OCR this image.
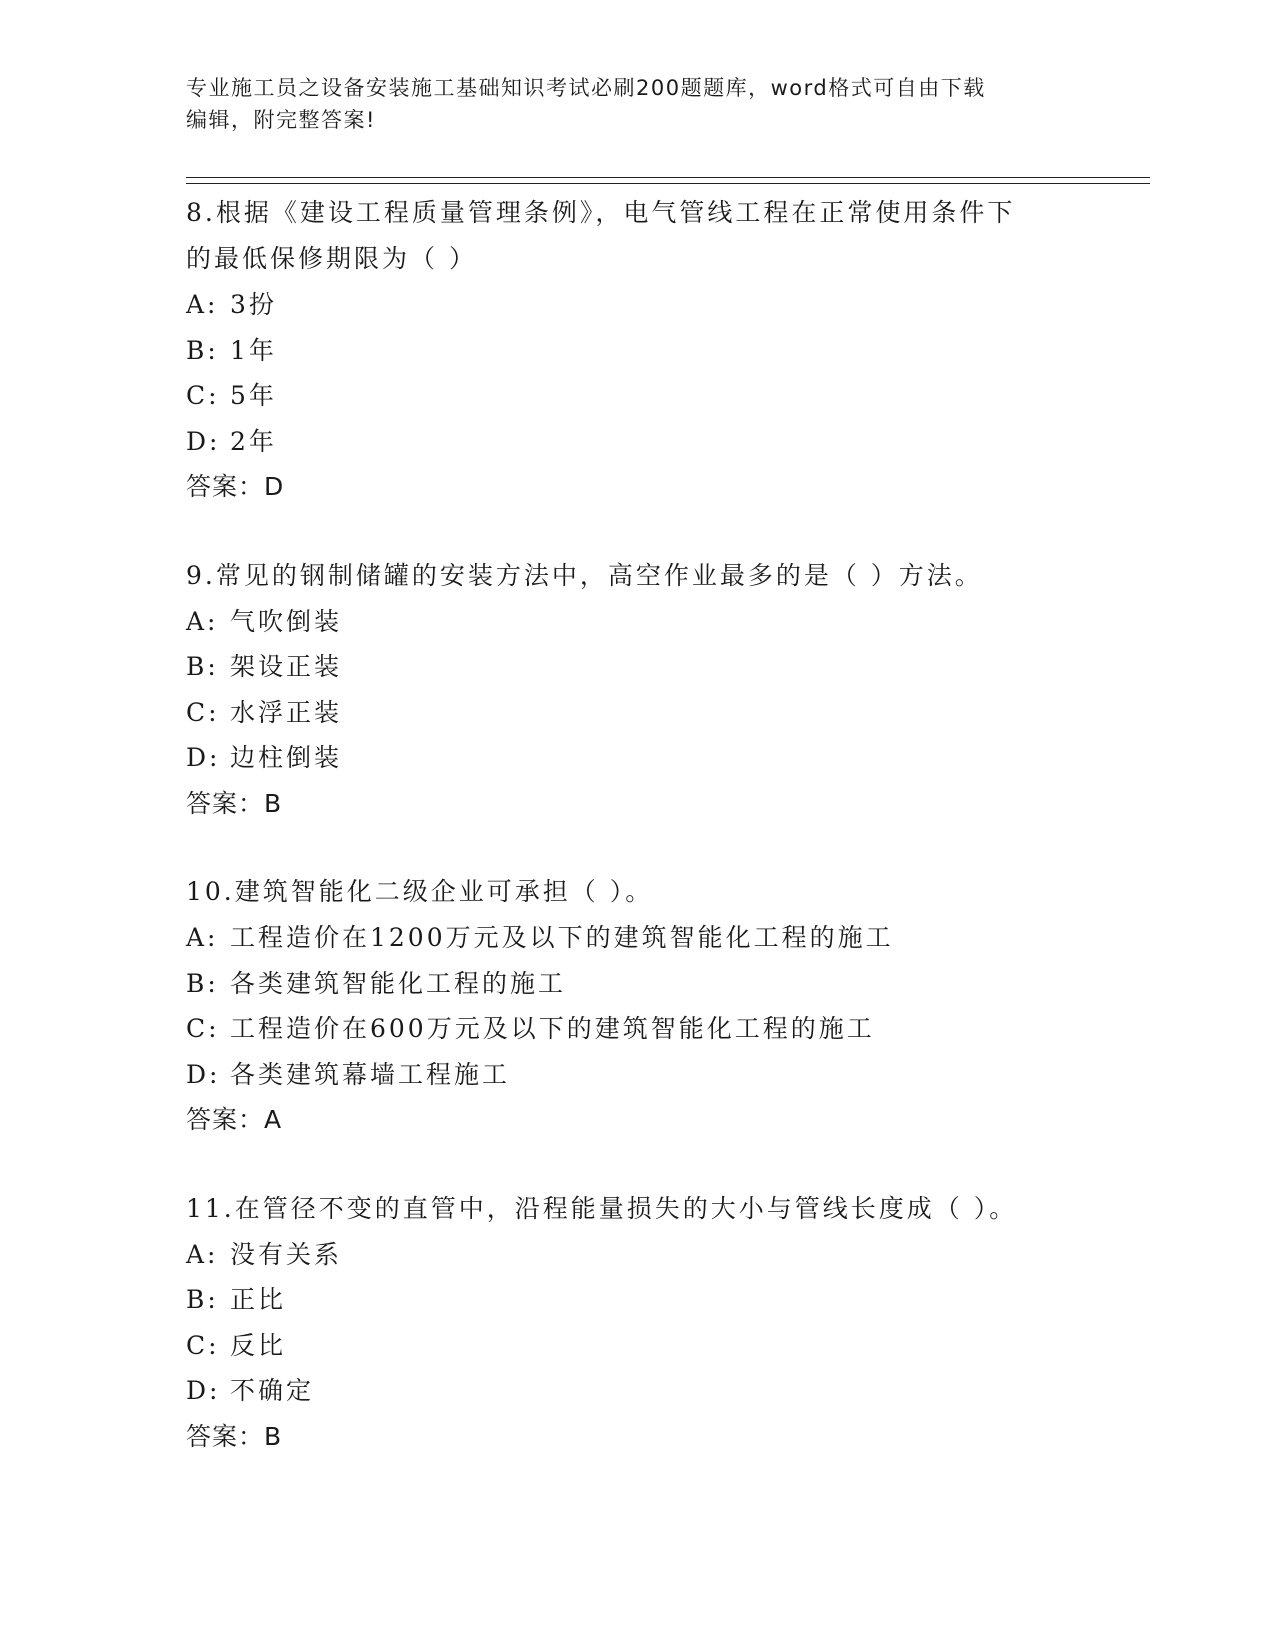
专业施工员之设备安装施工基础知识考试必刷200题题库，word格式可自由下载
编辑，附完整答案!
8.根据《建设工程质量管理条例》，电气管线工程在正常使用条件下
的最低保修期限为（ ）
A: 3扮
B: 1年
C: 5年
D: 2年
答案：D
9.常见的钢制储罐的安装方法中，高空作业最多的是（ ）方法。
A: 气吹倒装
B: 架设正装
C: 水浮正装
D: 边柱倒装
答案：B
10.建筑智能化二级企业可承担（ ）。
A: 工程造价在1200万元及以下的建筑智能化工程的施工
B: 各类建筑智能化工程的施工
C: 工程造价在600万元及以下的建筑智能化工程的施工
D: 各类建筑幕墙工程施工
答案：A
11.在管径不变的直管中，沿程能量损失的大小与管线长度成（ ）。
A: 没有关系
B: 正比
C: 反比
D: 不确定
答案：B
